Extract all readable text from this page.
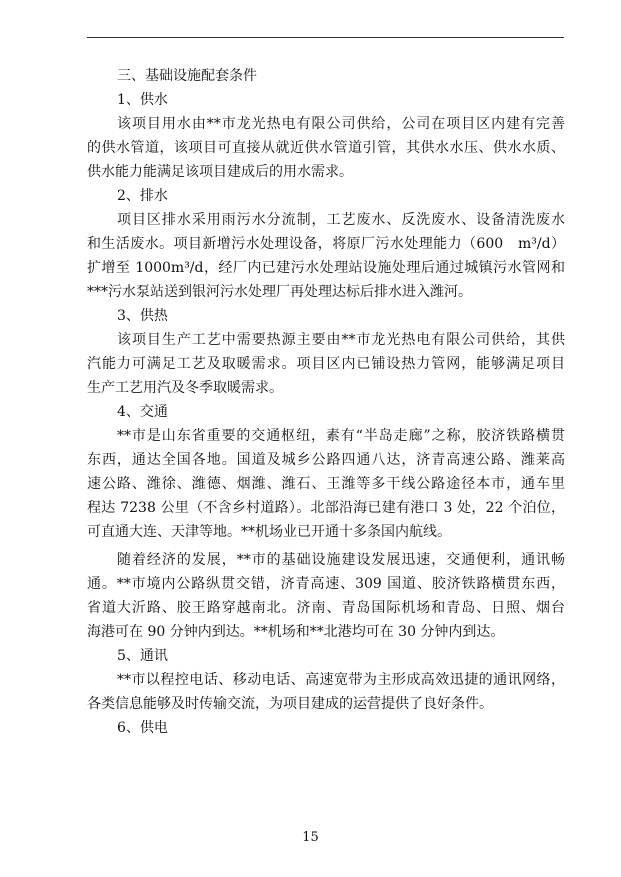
三、基础设施配套条件
1、供水
该项目用水由**市龙光热电有限公司供给，公司在项目区内建有完善
的供水管道，该项目可直接从就近供水管道引管，其供水水压、供水水质、
供水能力能满足该项目建成后的用水需求。
2、排水
项目区排水采用雨污水分流制，工艺废水、反洗废水、设备清洗废水
和生活废水。项目新增污水处理设备，将原厂污水处理能力（600　m³/d）
扩增至 1000m³/d，经厂内已建污水处理站设施处理后通过城镇污水管网和
***污水泵站送到银河污水处理厂再处理达标后排水进入潍河。
3、供热
该项目生产工艺中需要热源主要由**市龙光热电有限公司供给，其供
汽能力可满足工艺及取暖需求。项目区内已铺设热力管网，能够满足项目
生产工艺用汽及冬季取暖需求。
4、交通
**市是山东省重要的交通枢纽，素有“半岛走廊”之称，胶济铁路横贯
东西，通达全国各地。国道及城乡公路四通八达，济青高速公路、潍莱高
速公路、潍徐、潍德、烟潍、潍石、王潍等多干线公路途径本市，通车里
程达 7238 公里（不含乡村道路）。北部沿海已建有港口 3 处，22 个泊位，
可直通大连、天津等地。**机场业已开通十多条国内航线。
随着经济的发展，**市的基础设施建设发展迅速，交通便利，通讯畅
通。**市境内公路纵贯交错，济青高速、309 国道、胶济铁路横贯东西，
省道大沂路、胶王路穿越南北。济南、青岛国际机场和青岛、日照、烟台
海港可在 90 分钟内到达。**机场和**北港均可在 30 分钟内到达。
5、通讯
**市以程控电话、移动电话、高速宽带为主形成高效迅捷的通讯网络，
各类信息能够及时传输交流，为项目建成的运营提供了良好条件。
6、供电
15
